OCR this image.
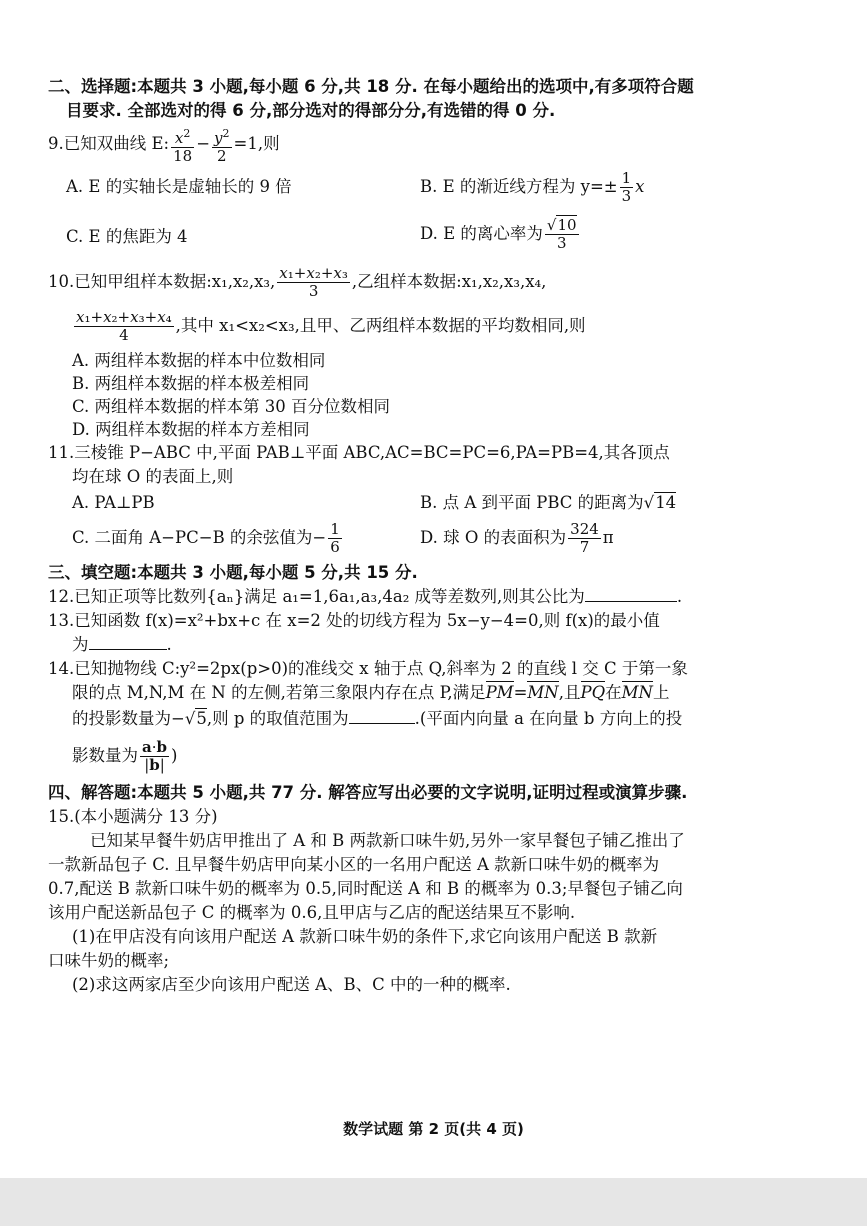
二、选择题:本题共 3 小题,每小题 6 分,共 18 分. 在每小题给出的选项中,有多项符合题
目要求. 全部选对的得 6 分,部分选对的得部分分,有选错的得 0 分.
9.已知双曲线 E: $\frac{x^2}{18} - \frac{y^2}{2} =1$,则
A. E 的实轴长是虚轴长的 9 倍	B. E 的渐近线方程为 $y=\pm \frac{1}{3}$ x
C. E 的焦距为 4	D. E 的离心率为 $\frac{√10}{3}$
10.已知甲组样本数据:x₁,x₂,x₃, $\frac{\text{x₁+x₂+x₃}}{3}$ ,乙组样本数据:x₁,x₂,x₃,x₄,
$\frac{\text{x₁+x₂+x₃+x₄}}{4}$ ,其中 x₁<x₂<x₃,且甲、乙两组样本数据的平均数相同,则
A. 两组样本数据的样本中位数相同
B. 两组样本数据的样本极差相同
C. 两组样本数据的样本第 30 百分位数相同
D. 两组样本数据的样本方差相同
11.三棱锥 P−ABC 中,平面 PAB⊥平面 ABC,AC=BC=PC=6,PA=PB=4,其各顶点
均在球 O 的表面上,则
A. PA⊥PB	B. 点 A 到平面 PBC 的距离为√14
C. 二面角 A−PC−B 的余弦值为− $\frac{1}{6}$	D. 球 O 的表面积为 $\frac{324}{7}$ π
三、填空题:本题共 3 小题,每小题 5 分,共 15 分.
12.已知正项等比数列{aₙ}满足 a₁=1,6a₁,a₃,4a₂ 成等差数列,则其公比为	.
13.已知函数 f(x)=x²+bx+c 在 x=2 处的切线方程为 5x−y−4=0,则 f(x)的最小值
为	.
14.已知抛物线 C:y²=2px(p>0)的准线交 x 轴于点 Q,斜率为 2 的直线 l 交 C 于第一象
限的点 M,N,M 在 N 的左侧,若第三象限内存在点 P,满足PM=MN,且PQ在MN上
的投影数量为−√5,则 p 的取值范围为	.(平面内向量 a 在向量 b 方向上的投
影数量为 $\frac{a\cdot b}{|b|}$ )
四、解答题:本题共 5 小题,共 77 分. 解答应写出必要的文字说明,证明过程或演算步骤.
15.(本小题满分 13 分)
已知某早餐牛奶店甲推出了 A 和 B 两款新口味牛奶,另外一家早餐包子铺乙推出了
一款新品包子 C. 且早餐牛奶店甲向某小区的一名用户配送 A 款新口味牛奶的概率为
0.7,配送 B 款新口味牛奶的概率为 0.5,同时配送 A 和 B 的概率为 0.3;早餐包子铺乙向
该用户配送新品包子 C 的概率为 0.6,且甲店与乙店的配送结果互不影响.
(1)在甲店没有向该用户配送 A 款新口味牛奶的条件下,求它向该用户配送 B 款新
口味牛奶的概率;
(2)求这两家店至少向该用户配送 A、B、C 中的一种的概率.
数学试题 第 2 页(共 4 页)
